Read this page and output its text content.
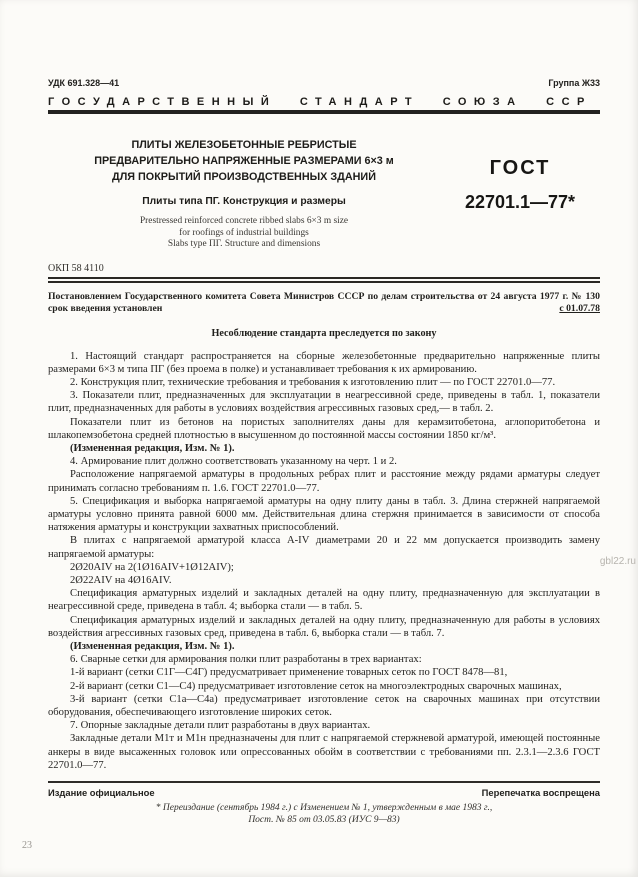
УДК 691.328—41	Группа Ж33
ГОСУДАРСТВЕННЫЙ СТАНДАРТ СОЮЗА ССР
ПЛИТЫ ЖЕЛЕЗОБЕТОННЫЕ РЕБРИСТЫЕ
ПРЕДВАРИТЕЛЬНО НАПРЯЖЕННЫЕ РАЗМЕРАМИ 6×3 м
ДЛЯ ПОКРЫТИЙ ПРОИЗВОДСТВЕННЫХ ЗДАНИЙ
Плиты типа ПГ. Конструкция и размеры
Prestressed reinforced concrete ribbed slabs 6×3 m size
for roofings of industrial buildings
Slabs type ПГ. Structure and dimensions
ГОСТ
22701.1—77*
ОКП 58 4110
Постановлением Государственного комитета Совета Министров СССР по делам строительства от 24 августа 1977 г. № 130 срок введения установлен	с 01.07.78
Несоблюдение стандарта преследуется по закону

1. Настоящий стандарт распространяется на сборные железобетонные предварительно напряженные плиты размерами 6×3 м типа ПГ (без проема в полке) и устанавливает требования к их армированию.

2. Конструкция плит, технические требования и требования к изготовлению плит — по ГОСТ 22701.0—77.

3. Показатели плит, предназначенных для эксплуатации в неагрессивной среде, приведены в табл. 1, показатели плит, предназначенных для работы в условиях воздействия агрессивных газовых сред,— в табл. 2.

Показатели плит из бетонов на пористых заполнителях даны для керамзитобетона, аглопоритобетона и шлакопемзобетона средней плотностью в высушенном до постоянной массы состоянии 1850 кг/м³.

(Измененная редакция, Изм. № 1).

4. Армирование плит должно соответствовать указанному на черт. 1 и 2.

Расположение напрягаемой арматуры в продольных ребрах плит и расстояние между рядами арматуры следует принимать согласно требованиям п. 1.6. ГОСТ 22701.0—77.

5. Спецификация и выборка напрягаемой арматуры на одну плиту даны в табл. 3. Длина стержней напрягаемой арматуры условно принята равной 6000 мм. Действительная длина стержня принимается в зависимости от способа натяжения арматуры и конструкции захватных приспособлений.

В плитах с напрягаемой арматурой класса А-IV диаметрами 20 и 22 мм допускается производить замену напрягаемой арматуры:

2Ø20АIV на 2(1Ø16АIV+1Ø12АIV);

2Ø22АIV на 4Ø16АIV.

Спецификация арматурных изделий и закладных деталей на одну плиту, предназначенную для эксплуатации в неагрессивной среде, приведена в табл. 4; выборка стали — в табл. 5.

Спецификация арматурных изделий и закладных деталей на одну плиту, предназначенную для работы в условиях воздействия агрессивных газовых сред, приведена в табл. 6, выборка стали — в табл. 7.

(Измененная редакция, Изм. № 1).

6. Сварные сетки для армирования полки плит разработаны в трех вариантах:

1-й вариант (сетки С1Г—С4Г) предусматривает применение товарных сеток по ГОСТ 8478—81,

2-й вариант (сетки С1—С4) предусматривает изготовление сеток на многоэлектродных сварочных машинах,

3-й вариант (сетки С1а—С4а) предусматривает изготовление сеток на сварочных машинах при отсутствии оборудования, обеспечивающего изготовление широких сеток.

7. Опорные закладные детали плит разработаны в двух вариантах.

Закладные детали М1т и М1н предназначены для плит с напрягаемой стержневой арматурой, имеющей постоянные анкеры в виде высаженных головок или опрессованных обойм в соответствии с требованиями пп. 2.3.1—2.3.6 ГОСТ 22701.0—77.

Издание официальное	Перепечатка воспрещена
* Переиздание (сентябрь 1984 г.) с Изменением № 1, утвержденным в мае 1983 г.,
Пост. № 85 от 03.05.83 (ИУС 9—83)
23
gbl22.ru
